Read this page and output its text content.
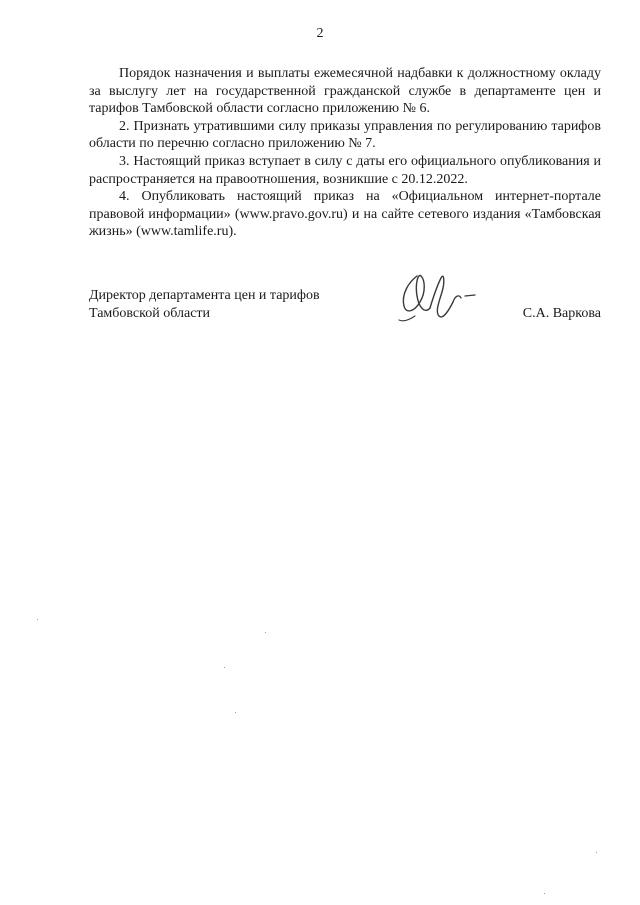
2

Порядок назначения и выплаты ежемесячной надбавки к должностному окладу за выслугу лет на государственной гражданской службе в департаменте цен и тарифов Тамбовской области согласно приложению № 6.

2. Признать утратившими силу приказы управления по регулированию тарифов области по перечню согласно приложению № 7.

3. Настоящий приказ вступает в силу с даты его официального опубликования и распространяется на правоотношения, возникшие с 20.12.2022.

4. Опубликовать настоящий приказ на «Официальном интернет-портале правовой информации» (www.pravo.gov.ru) и на сайте сетевого издания «Тамбовская жизнь» (www.tamlife.ru).

Директор департамента цен и тарифов
Тамбовской области	С.А. Варкова
